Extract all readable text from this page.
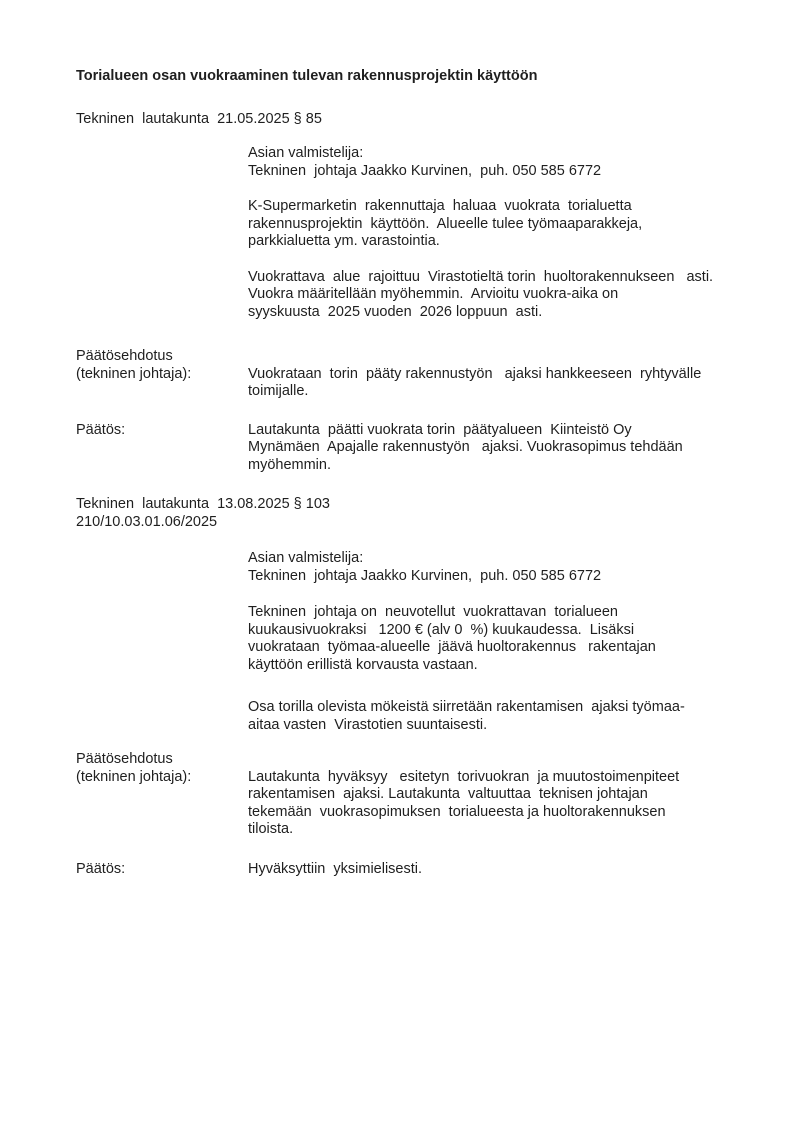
Torialueen osan vuokraaminen tulevan rakennusprojektin käyttöön
Tekninen  lautakunta  21.05.2025 § 85
Asian valmistelija:
Tekninen  johtaja Jaakko Kurvinen,  puh. 050 585 6772
K-Supermarketin  rakennuttaja  haluaa  vuokrata  torialuetta
rakennusprojektin  käyttöön.  Alueelle tulee työmaaparakkeja,
parkkialuetta ym. varastointia.
Vuokrattava  alue  rajoittuu  Virastotieltä torin  huoltorakennukseen   asti.
Vuokra määritellään myöhemmin.  Arvioitu vuokra-aika on
syyskuusta  2025 vuoden  2026 loppuun  asti.
Päätösehdotus
(tekninen johtaja):	Vuokrataan  torin  pääty rakennustyön   ajaksi hankkeeseen  ryhtyvälle
toimijalle.
Päätös:	Lautakunta  päätti vuokrata torin  päätyalueen  Kiinteistö Oy
Mynämäen  Apajalle rakennustyön   ajaksi. Vuokrasopimus tehdään
myöhemmin.
Tekninen  lautakunta  13.08.2025 § 103
210/10.03.01.06/2025
Asian valmistelija:
Tekninen  johtaja Jaakko Kurvinen,  puh. 050 585 6772
Tekninen  johtaja on  neuvotellut  vuokrattavan  torialueen
kuukausivuokraksi   1200 € (alv 0  %) kuukaudessa.  Lisäksi
vuokrataan  työmaa-alueelle  jäävä huoltorakennus   rakentajan
käyttöön erillistä korvausta vastaan.
Osa torilla olevista mökeistä siirretään rakentamisen  ajaksi työmaa-
aitaa vasten  Virastotien suuntaisesti.
Päätösehdotus
(tekninen johtaja):	Lautakunta  hyväksyy   esitetyn  torivuokran  ja muutostoimenpiteet
rakentamisen  ajaksi. Lautakunta  valtuuttaa  teknisen johtajan
tekemään  vuokrasopimuksen  torialueesta ja huoltorakennuksen
tiloista.
Päätös:	Hyväksyttiin  yksimielisesti.
